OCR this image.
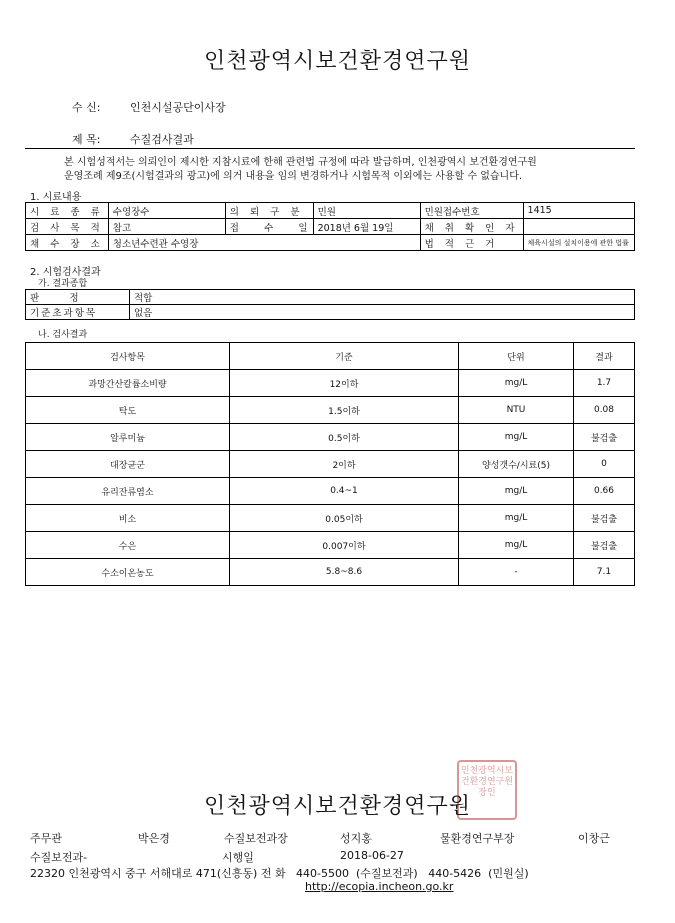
인천광역시보건환경연구원
수 신:	인천시설공단이사장
제 목:	수질검사결과
본 시험성적서는 의뢰인이 제시한 지참시료에 한해 관련법 규정에 따라 발급하며, 인천광역시 보건환경연구원
운영조례 제9조(시험결과의 광고)에 의거 내용을 임의 변경하거나 시험목적 이외에는 사용할 수 없습니다.
1. 시료내용
시 료 종 류	수영장수	의 뢰 구 분	민원	민원접수번호	1415
검 사 목 적	참고	접      수      일	2018년 6월 19일	채 취 확 인 자	
채 수 장 소	청소년수련관 수영장			법 적 근 거	체육시설의 설치이용에 관한 법률
2. 시험검사결과
가. 결과종합
판          정	적합
기준초과항목	없음
나. 검사결과
검사항목	기준	단위	결과
과망간산칼륨소비량	12이하	mg/L	1.7
탁도	1.5이하	NTU	0.08
알루미늄	0.5이하	mg/L	불검출
대장균군	2이하	양성갯수/시료(5)	0
유리잔류염소	0.4~1	mg/L	0.66
비소	0.05이하	mg/L	불검출
수은	0.007이하	mg/L	불검출
수소이온농도	5.8~8.6	-	7.1
인천광역시보건환경연구원장인
인천광역시보건환경연구원
주무관	박은경	수질보전과장	성지홍	물환경연구부장	이창근
수질보전과-	시행일	2018-06-27
22320 인천광역시 중구 서해대로 471(신흥동) 전 화   440-5500  (수질보전과)   440-5426  (민원실)
http://ecopia.incheon.go.kr
